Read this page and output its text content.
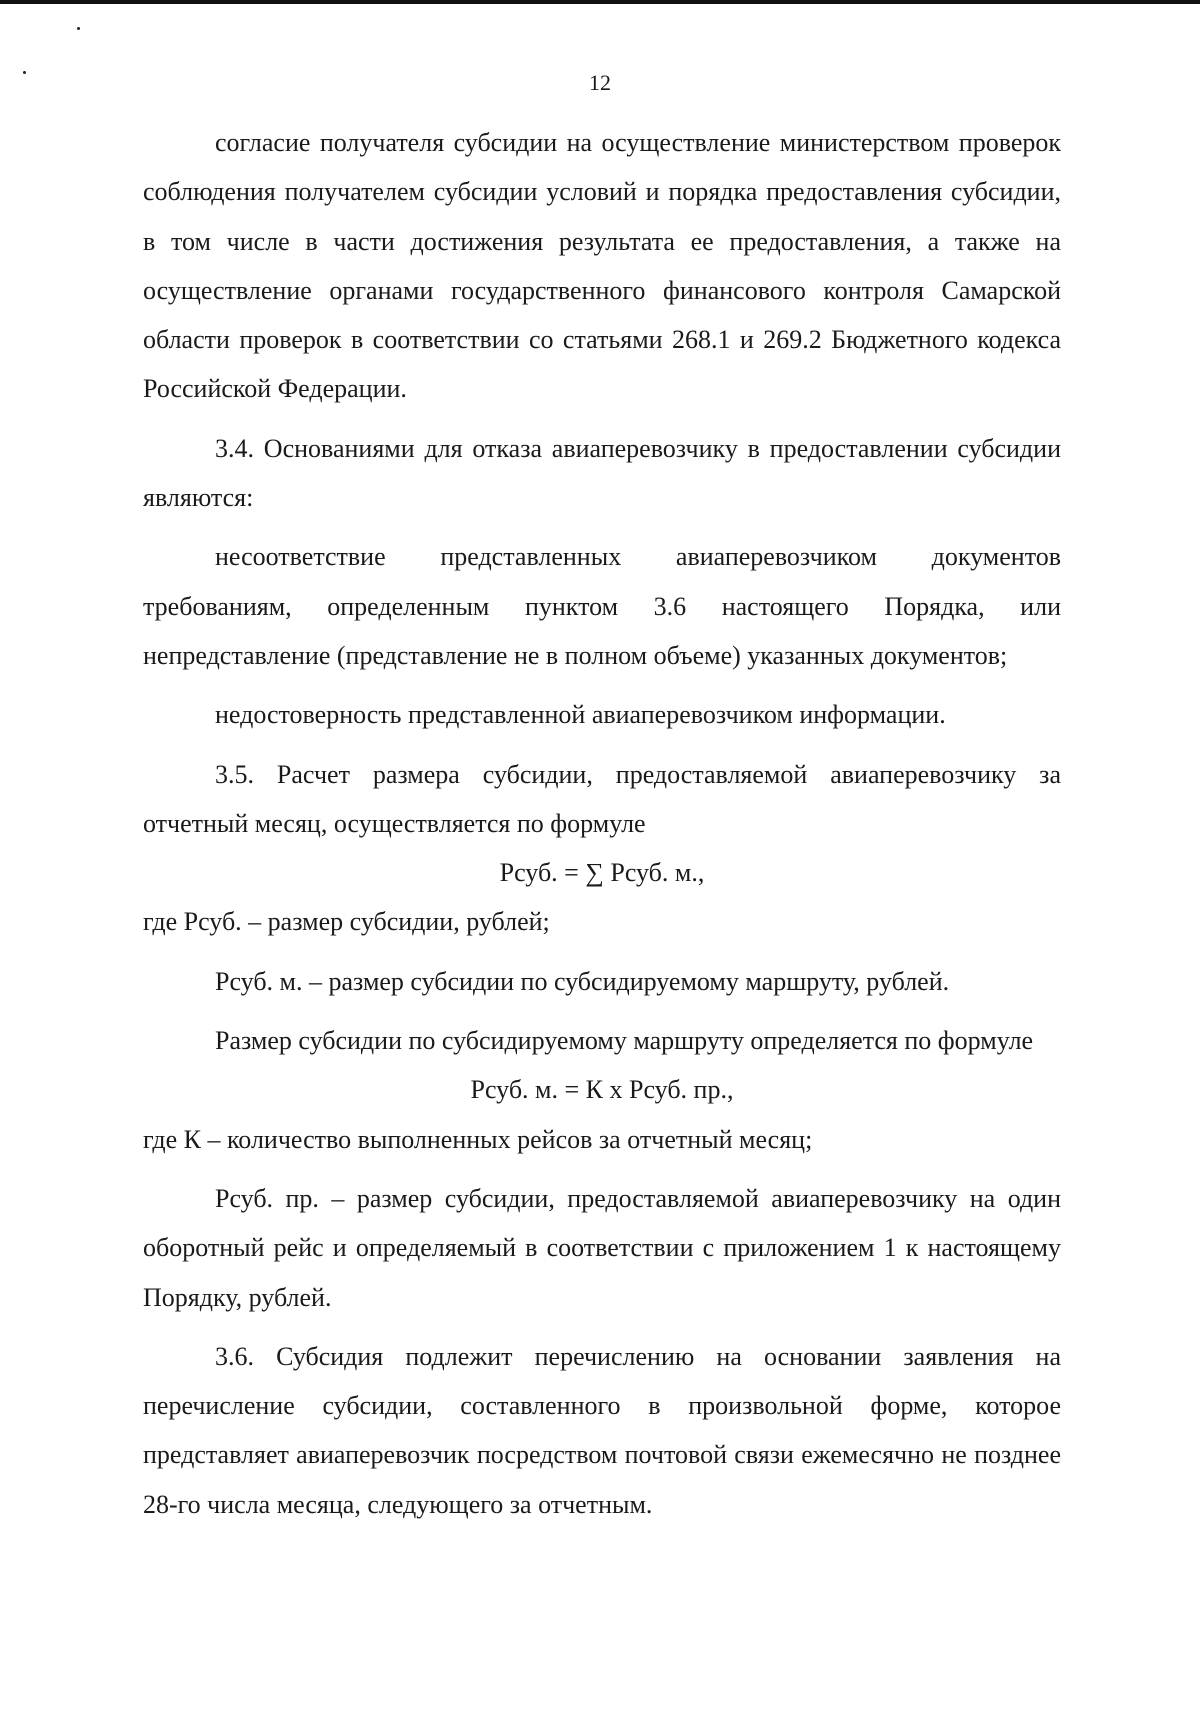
12

согласие получателя субсидии на осуществление министерством проверок соблюдения получателем субсидии условий и порядка предоставления субсидии, в том числе в части достижения результата ее предоставления, а также на осуществление органами государственного финансового контроля Самарской области проверок в соответствии со статьями 268.1 и 269.2 Бюджетного кодекса Российской Федерации.

3.4. Основаниями для отказа авиаперевозчику в предоставлении субсидии являются:

несоответствие представленных авиаперевозчиком документов требованиям, определенным пунктом 3.6 настоящего Порядка, или непредставление (представление не в полном объеме) указанных документов;

недостоверность представленной авиаперевозчиком информации.

3.5. Расчет размера субсидии, предоставляемой авиаперевозчику за отчетный месяц, осуществляется по формуле

Рсуб. = ∑ Рсуб. м.,

где Рсуб. – размер субсидии, рублей;

Рсуб. м. – размер субсидии по субсидируемому маршруту, рублей.

Размер субсидии по субсидируемому маршруту определяется по формуле

Рсуб. м. = К x Рсуб. пр.,

где К – количество выполненных рейсов за отчетный месяц;

Рсуб. пр. – размер субсидии, предоставляемой авиаперевозчику на один оборотный рейс и определяемый в соответствии с приложением 1 к настоящему Порядку, рублей.

3.6. Субсидия подлежит перечислению на основании заявления на перечисление субсидии, составленного в произвольной форме, которое представляет авиаперевозчик посредством почтовой связи ежемесячно не позднее 28-го числа месяца, следующего за отчетным.
